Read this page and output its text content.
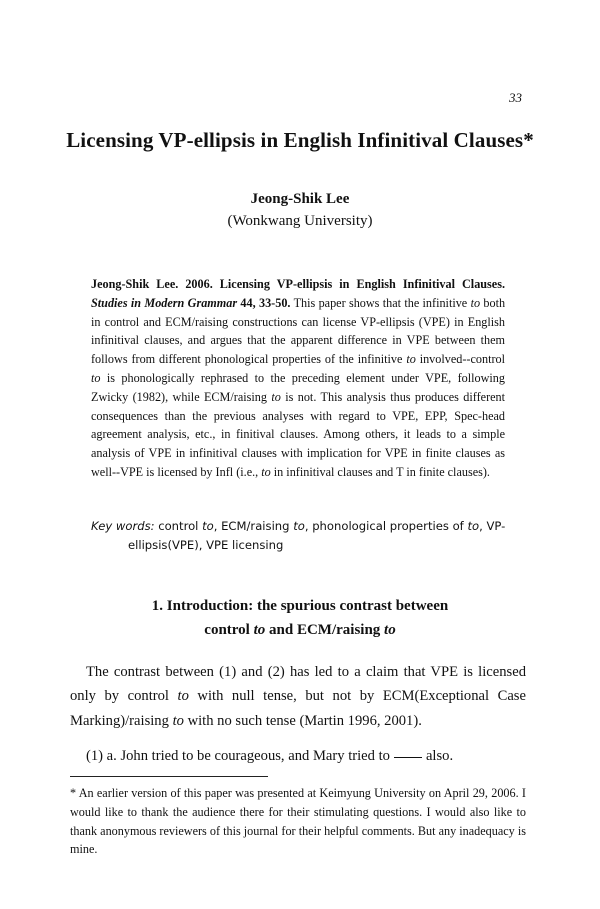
33
Licensing VP-ellipsis in English Infinitival Clauses*
Jeong-Shik Lee
(Wonkwang University)

Jeong-Shik Lee. 2006. Licensing VP-ellipsis in English Infinitival Clauses. Studies in Modern Grammar 44, 33-50. This paper shows that the infinitive to both in control and ECM/raising constructions can license VP-ellipsis (VPE) in English infinitival clauses, and argues that the apparent difference in VPE between them follows from different phonological properties of the infinitive to involved--control to is phonologically rephrased to the preceding element under VPE, following Zwicky (1982), while ECM/raising to is not. This analysis thus produces different consequences than the previous analyses with regard to VPE, EPP, Spec-head agreement analysis, etc., in finitival clauses. Among others, it leads to a simple analysis of VPE in infinitival clauses with implication for VPE in finite clauses as well--VPE is licensed by Infl (i.e., to in infinitival clauses and T in finite clauses).

Key words: control to, ECM/raising to, phonological properties of to, VP-
ellipsis(VPE), VPE licensing
1. Introduction: the spurious contrast between
control to and ECM/raising to

The contrast between (1) and (2) has led to a claim that VPE is licensed only by control to with null tense, but not by ECM(Exceptional Case Marking)/raising to with no such tense (Martin 1996, 2001).

(1) a. John tried to be courageous, and Mary tried to also.

* An earlier version of this paper was presented at Keimyung University on April 29, 2006. I would like to thank the audience there for their stimulating questions. I would also like to thank anonymous reviewers of this journal for their helpful comments. But any inadequacy is mine.
